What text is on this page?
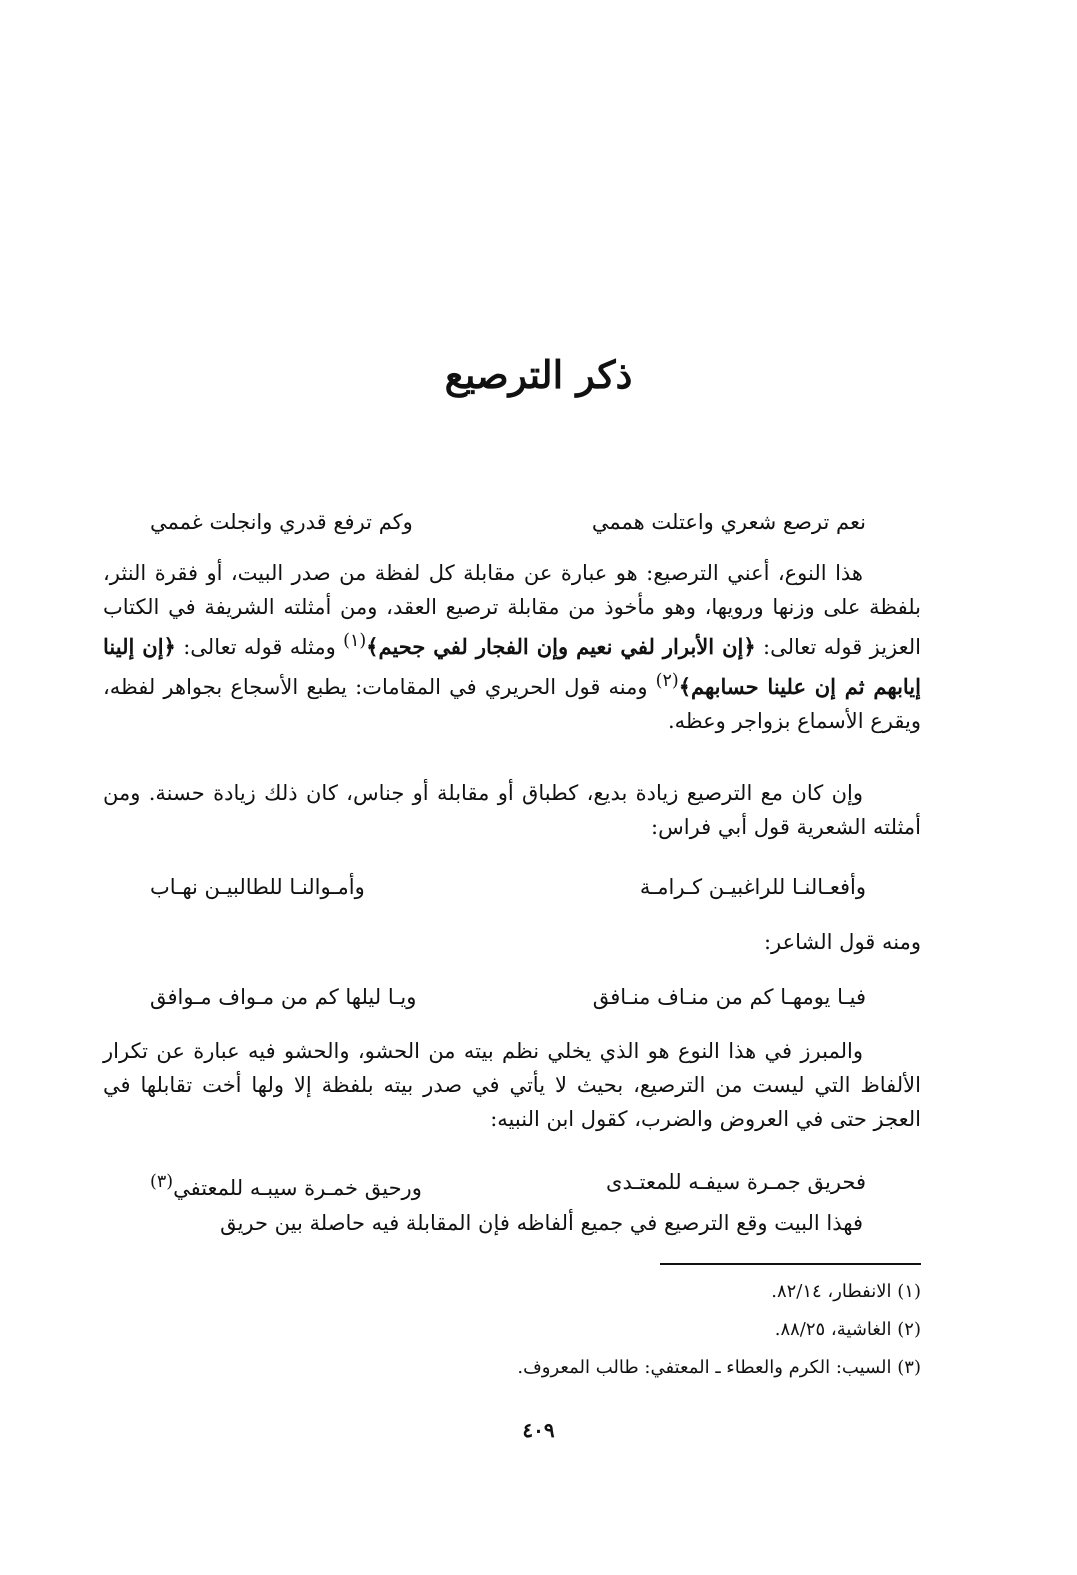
ذكر الترصيع
نعم ترصع شعري واعتلت هممي
وكم ترفع قدري وانجلت غممي

هذا النوع، أعني الترصيع: هو عبارة عن مقابلة كل لفظة من صدر البيت، أو فقرة النثر، بلفظة على وزنها ورويها، وهو مأخوذ من مقابلة ترصيع العقد، ومن أمثلته الشريفة في الكتاب العزيز قوله تعالى: ﴿إن الأبرار لفي نعيم وإن الفجار لفي جحيم﴾$^{(١)}$ ومثله قوله تعالى: ﴿إن إلينا إيابهم ثم إن علينا حسابهم﴾$^{(٢)}$ ومنه قول الحريري في المقامات: يطبع الأسجاع بجواهر لفظه، ويقرع الأسماع بزواجر وعظه.

وإن كان مع الترصيع زيادة بديع، كطباق أو مقابلة أو جناس، كان ذلك زيادة حسنة. ومن أمثلته الشعرية قول أبي فراس:

وأفعـالنـا للراغبيـن كـرامـة
وأمـوالنـا للطالبيـن نهـاب

ومنه قول الشاعر:

فيـا يومهـا كم من منـاف منـافق
ويـا ليلها كم من مـواف مـوافق

والمبرز في هذا النوع هو الذي يخلي نظم بيته من الحشو، والحشو فيه عبارة عن تكرار الألفاظ التي ليست من الترصيع، بحيث لا يأتي في صدر بيته بلفظة إلا ولها أخت تقابلها في العجز حتى في العروض والضرب، كقول ابن النبيه:

فحريق جمـرة سيفـه للمعتـدى
ورحيق خمـرة سيبـه للمعتفي$^{(٣)}$

فهذا البيت وقع الترصيع في جميع ألفاظه فإن المقابلة فيه حاصلة بين حريق

(١) الانفطار، ٨٢/١٤.
(٢) الغاشية، ٨٨/٢٥.
(٣) السيب: الكرم والعطاء ـ المعتفي: طالب المعروف.
٤٠٩
